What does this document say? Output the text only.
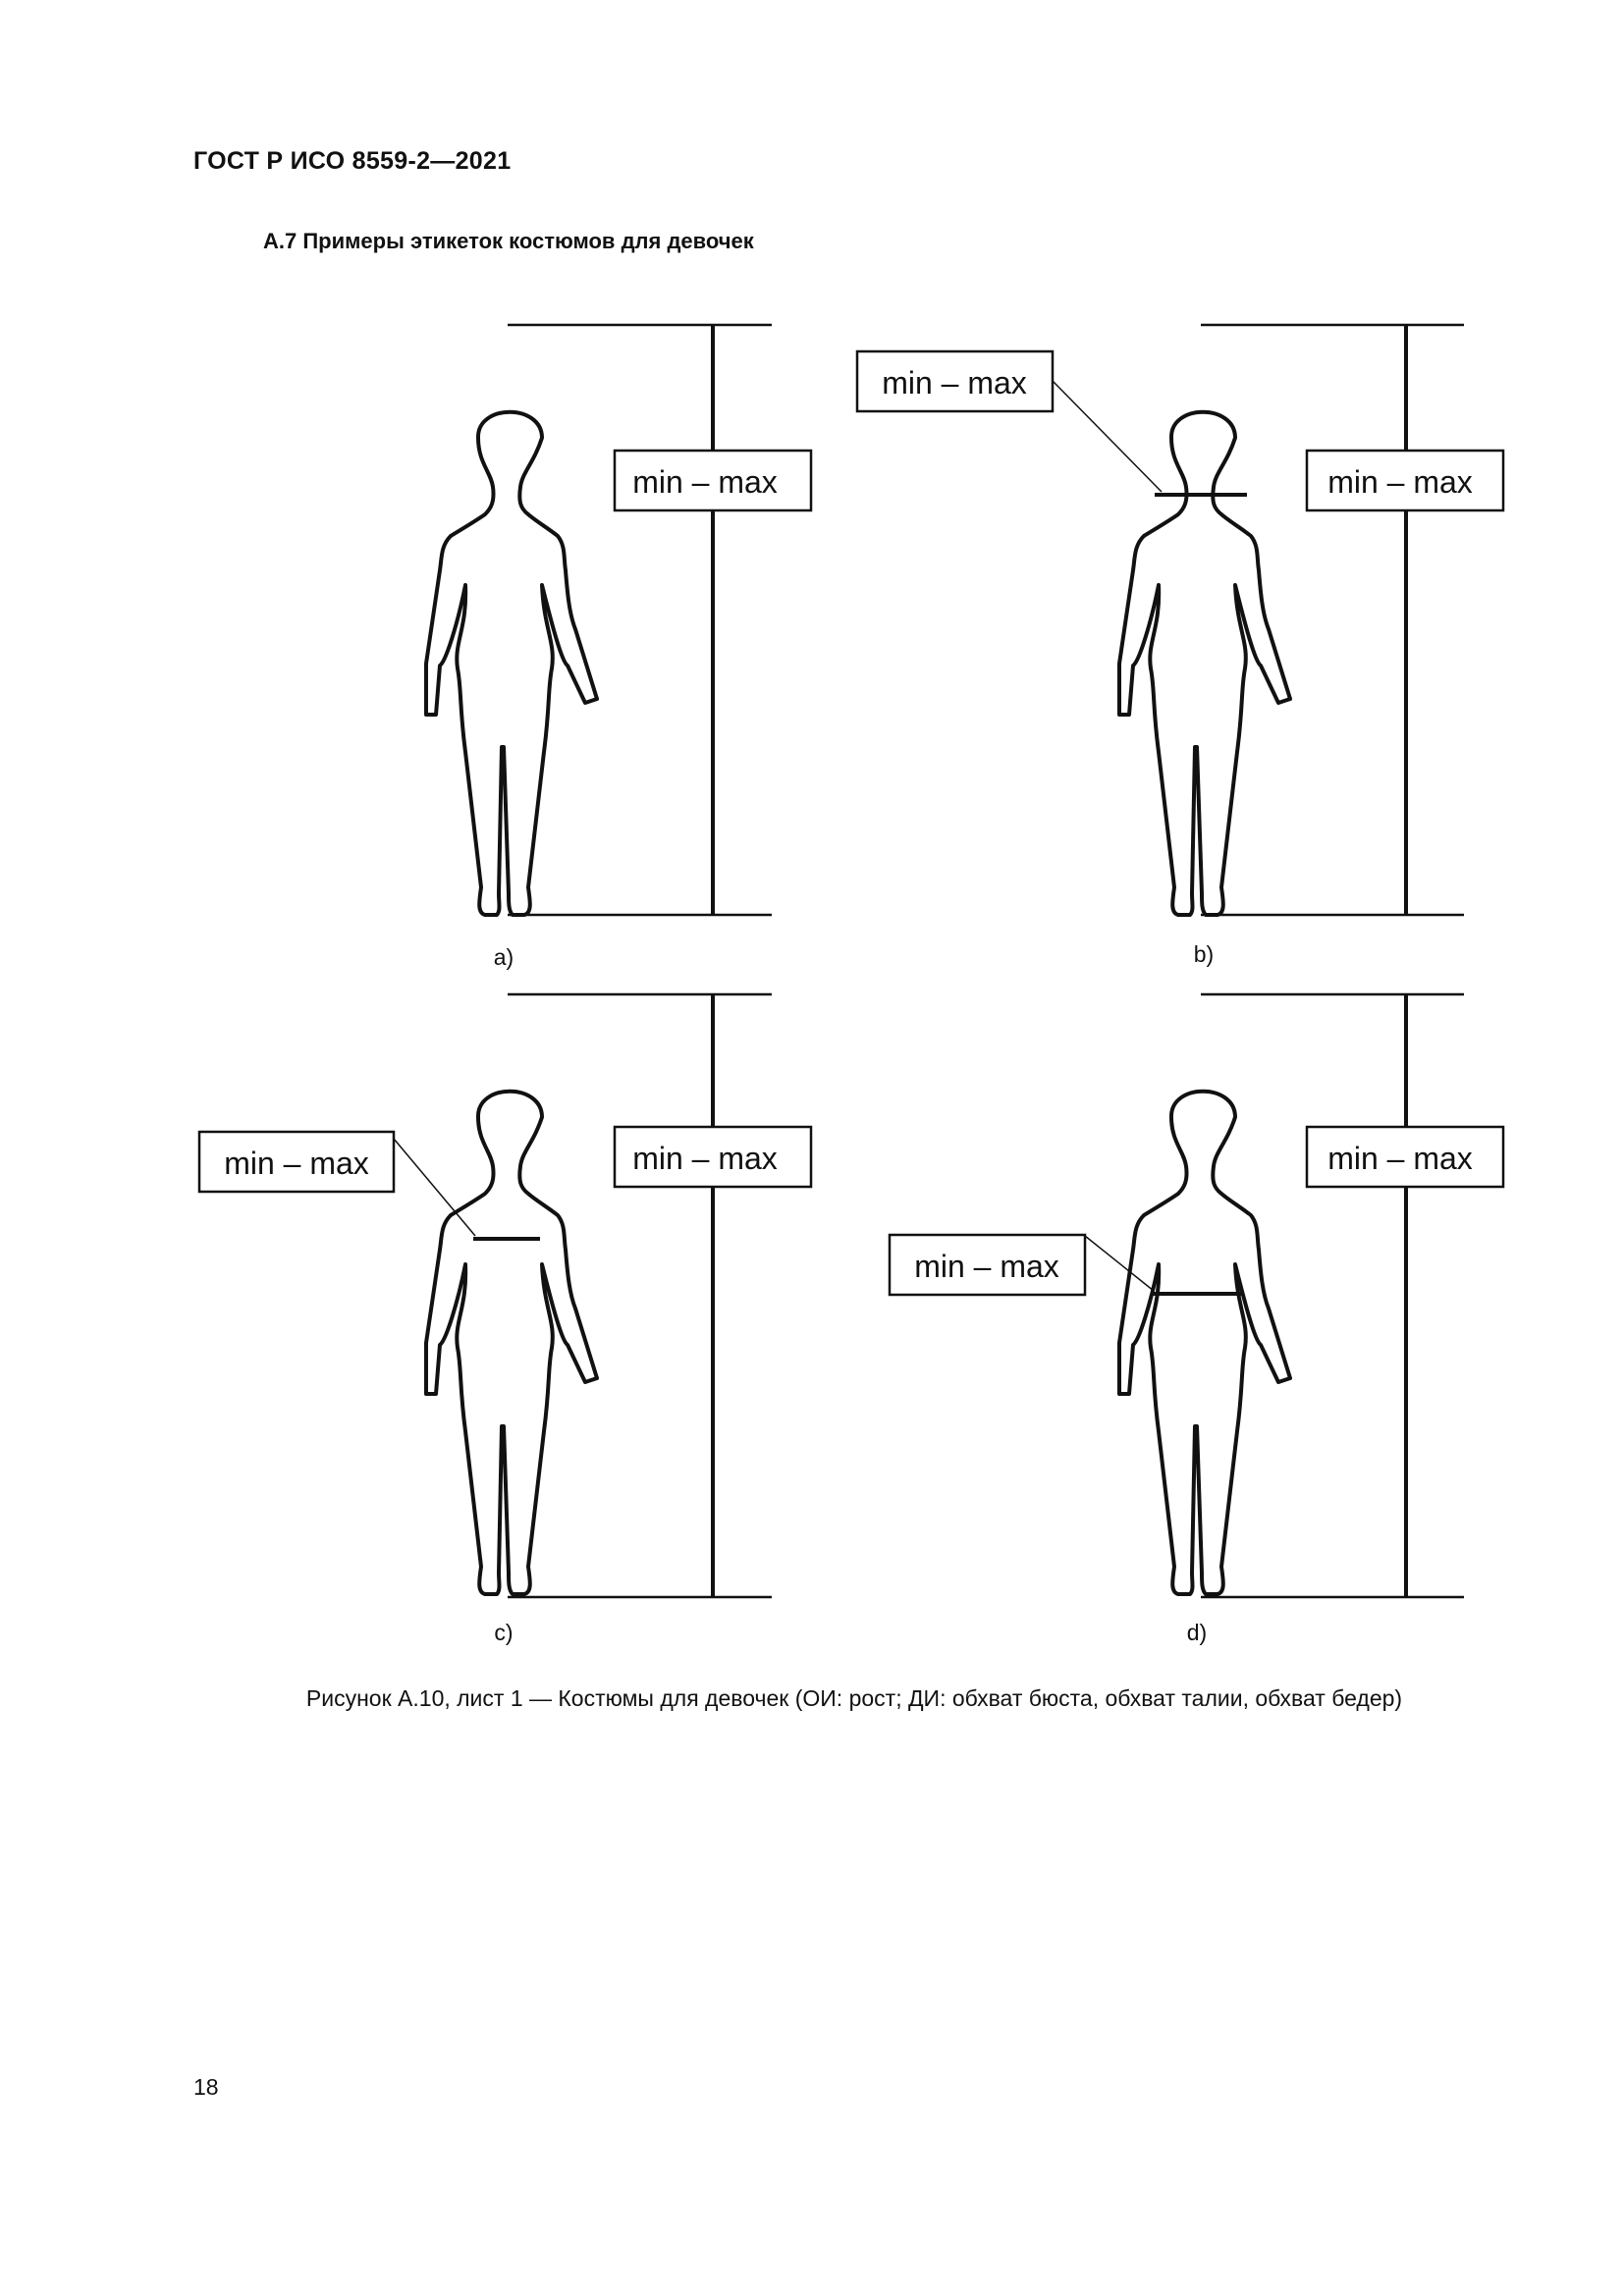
ГОСТ Р ИСО 8559-2—2021
А.7 Примеры этикеток костюмов для девочек
min – max
min – max
min – max
min – max	min – max
min – max
min – max
a)	b)
c)	d)
Рисунок А.10, лист 1 — Костюмы для девочек (ОИ: рост; ДИ: обхват бюста, обхват талии, обхват бедер)
18
